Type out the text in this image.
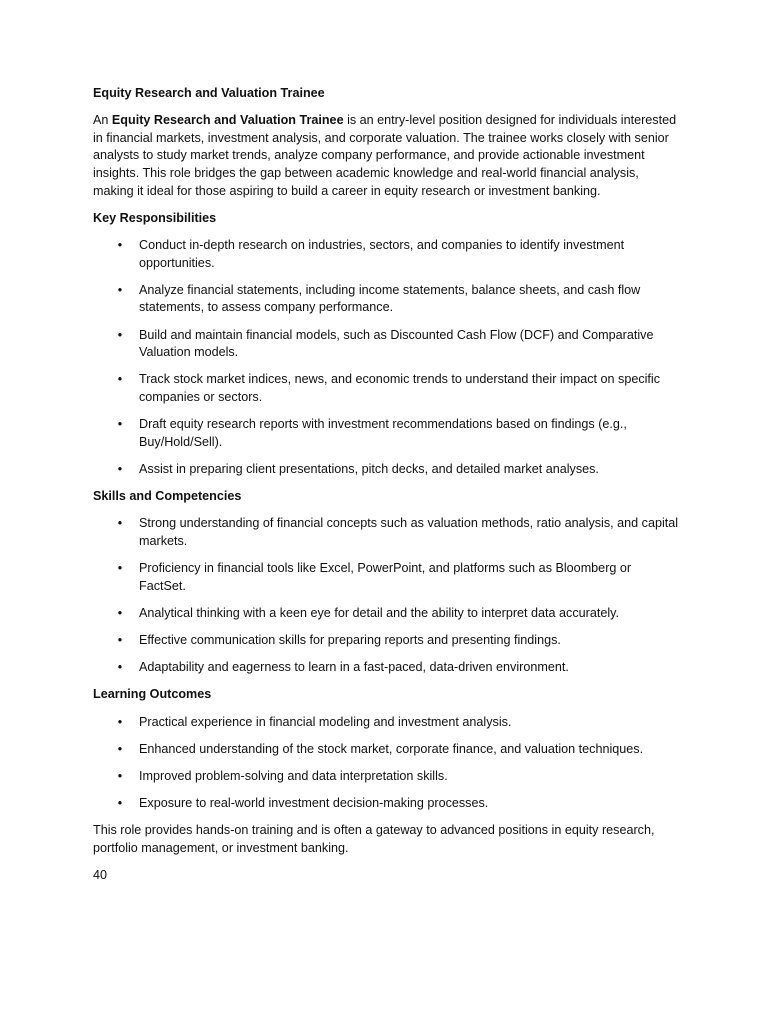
Equity Research and Valuation Trainee

An Equity Research and Valuation Trainee is an entry-level position designed for individuals interested in financial markets, investment analysis, and corporate valuation. The trainee works closely with senior analysts to study market trends, analyze company performance, and provide actionable investment insights. This role bridges the gap between academic knowledge and real-world financial analysis, making it ideal for those aspiring to build a career in equity research or investment banking.

Key Responsibilities

• Conduct in-depth research on industries, sectors, and companies to identify investment opportunities.
• Analyze financial statements, including income statements, balance sheets, and cash flow statements, to assess company performance.
• Build and maintain financial models, such as Discounted Cash Flow (DCF) and Comparative Valuation models.
• Track stock market indices, news, and economic trends to understand their impact on specific companies or sectors.
• Draft equity research reports with investment recommendations based on findings (e.g., Buy/Hold/Sell).
• Assist in preparing client presentations, pitch decks, and detailed market analyses.

Skills and Competencies

• Strong understanding of financial concepts such as valuation methods, ratio analysis, and capital markets.
• Proficiency in financial tools like Excel, PowerPoint, and platforms such as Bloomberg or FactSet.
• Analytical thinking with a keen eye for detail and the ability to interpret data accurately.
• Effective communication skills for preparing reports and presenting findings.
• Adaptability and eagerness to learn in a fast-paced, data-driven environment.

Learning Outcomes

• Practical experience in financial modeling and investment analysis.
• Enhanced understanding of the stock market, corporate finance, and valuation techniques.
• Improved problem-solving and data interpretation skills.
• Exposure to real-world investment decision-making processes.

This role provides hands-on training and is often a gateway to advanced positions in equity research, portfolio management, or investment banking.

40
